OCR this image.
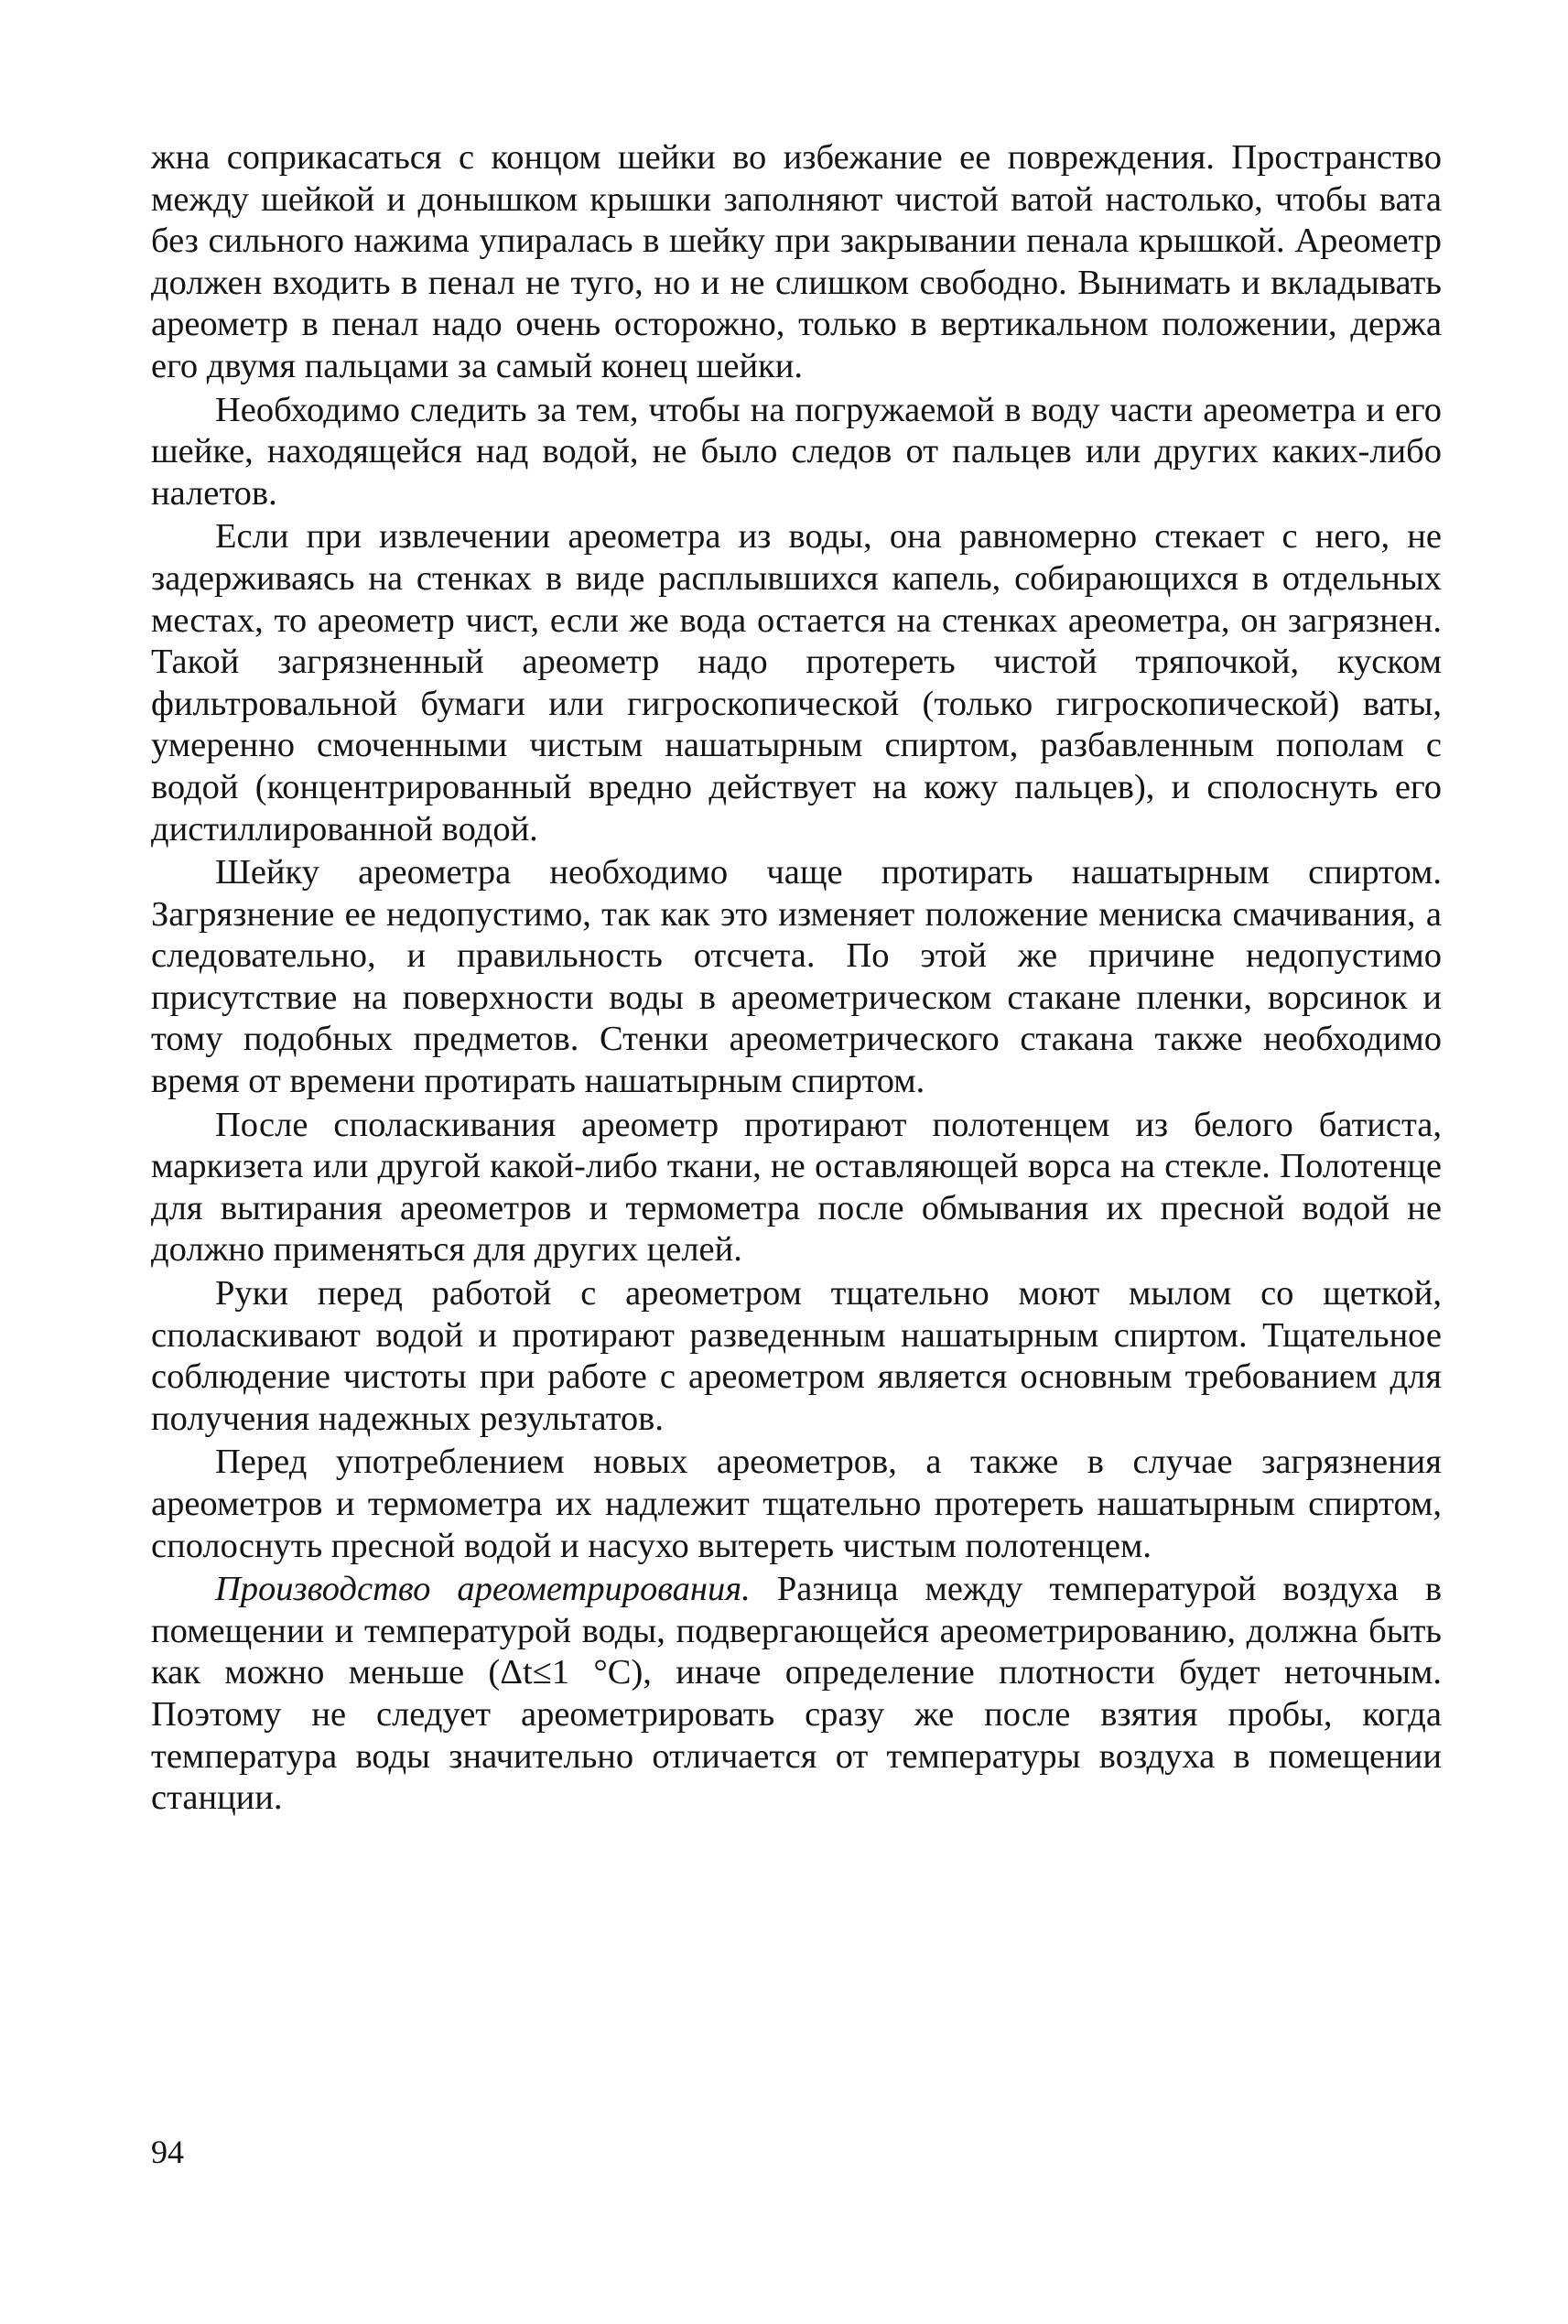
жна соприкасаться с концом шейки во избежание ее повреждения. Пространство между шейкой и донышком крышки заполняют чистой ватой настолько, чтобы вата без сильного нажима упиралась в шейку при закрывании пенала крышкой. Ареометр должен входить в пенал не туго, но и не слишком свободно. Вынимать и вкладывать ареометр в пенал надо очень осторожно, только в вертикальном положении, держа его двумя пальцами за самый конец шейки.

Необходимо следить за тем, чтобы на погружаемой в воду части ареометра и его шейке, находящейся над водой, не было следов от пальцев или других каких-либо налетов.

Если при извлечении ареометра из воды, она равномерно стекает с него, не задерживаясь на стенках в виде расплывшихся капель, собирающихся в отдельных местах, то ареометр чист, если же вода остается на стенках ареометра, он загрязнен. Такой загрязненный ареометр надо протереть чистой тряпочкой, куском фильтровальной бумаги или гигроскопической (только гигроскопической) ваты, умеренно смоченными чистым нашатырным спиртом, разбавленным пополам с водой (концентрированный вредно действует на кожу пальцев), и сполоснуть его дистиллированной водой.

Шейку ареометра необходимо чаще протирать нашатырным спиртом. Загрязнение ее недопустимо, так как это изменяет положение мениска смачивания, а следовательно, и правильность отсчета. По этой же причине недопустимо присутствие на поверхности воды в ареометрическом стакане пленки, ворсинок и тому подобных предметов. Стенки ареометрического стакана также необходимо время от времени протирать нашатырным спиртом.

После споласкивания ареометр протирают полотенцем из белого батиста, маркизета или другой какой-либо ткани, не оставляющей ворса на стекле. Полотенце для вытирания ареометров и термометра после обмывания их пресной водой не должно применяться для других целей.

Руки перед работой с ареометром тщательно моют мылом со щеткой, споласкивают водой и протирают разведенным нашатырным спиртом. Тщательное соблюдение чистоты при работе с ареометром является основным требованием для получения надежных результатов.

Перед употреблением новых ареометров, а также в случае загрязнения ареометров и термометра их надлежит тщательно протереть нашатырным спиртом, сполоснуть пресной водой и насухо вытереть чистым полотенцем.

Производство ареометрирования. Разница между температурой воздуха в помещении и температурой воды, подвергающейся ареометрированию, должна быть как можно меньше (Δt≤1 °C), иначе определение плотности будет неточным. Поэтому не следует ареометрировать сразу же после взятия пробы, когда температура воды значительно отличается от температуры воздуха в помещении станции.

94
